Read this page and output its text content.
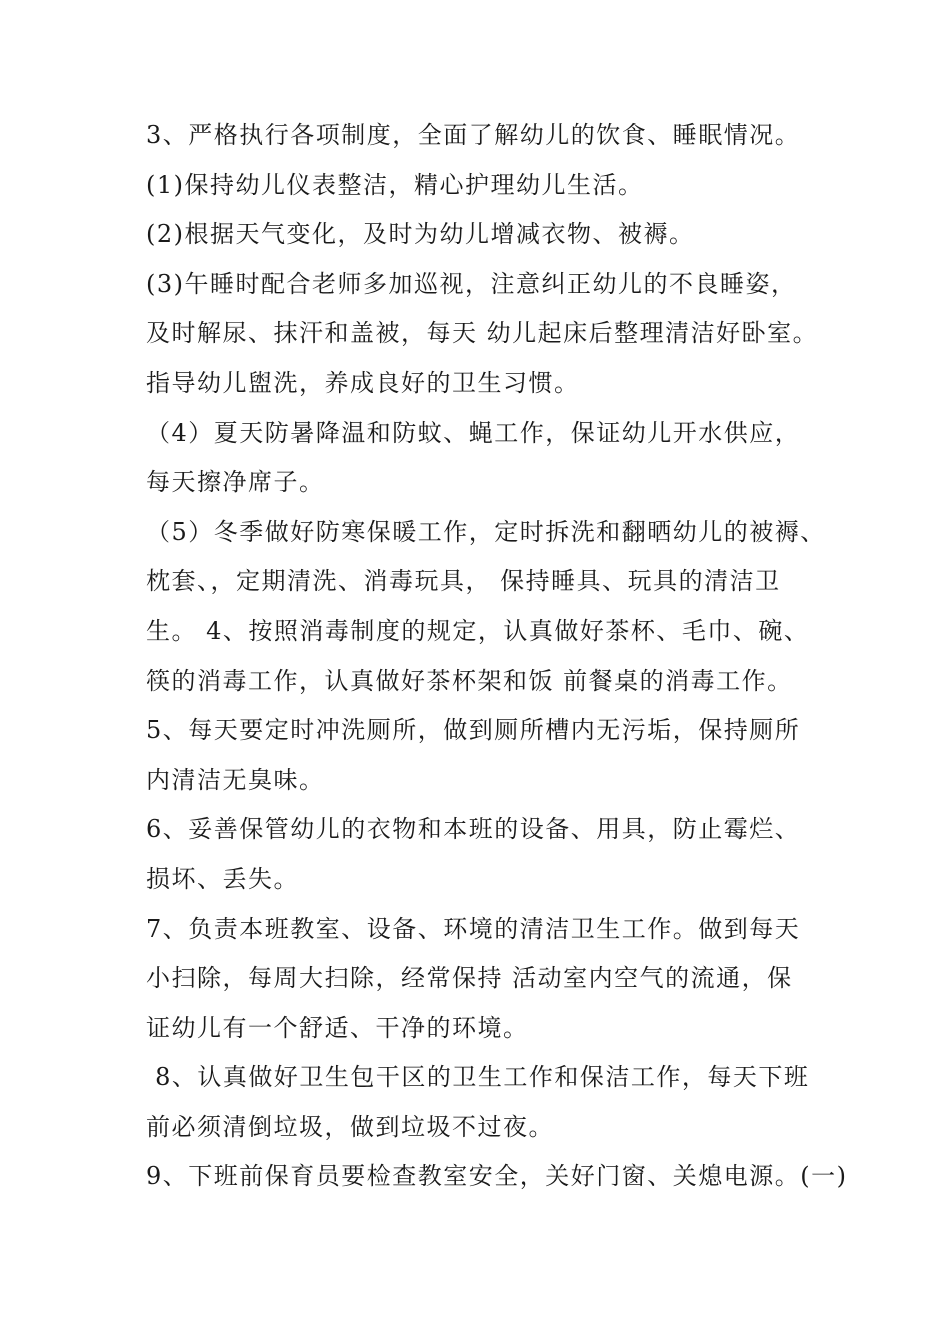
3、严格执行各项制度，全面了解幼儿的饮食、睡眠情况。
(1)保持幼儿仪表整洁，精心护理幼儿生活。
(2)根据天气变化，及时为幼儿增减衣物、被褥。
(3)午睡时配合老师多加巡视，注意纠正幼儿的不良睡姿，
及时解尿、抹汗和盖被，每天 幼儿起床后整理清洁好卧室。
指导幼儿盥洗，养成良好的卫生习惯。
（4）夏天防暑降温和防蚊、蝇工作，保证幼儿开水供应，
每天擦净席子。
（5）冬季做好防寒保暖工作，定时拆洗和翻晒幼儿的被褥、
枕套、，定期清洗、消毒玩具， 保持睡具、玩具的清洁卫
生。 4、按照消毒制度的规定，认真做好茶杯、毛巾、碗、
筷的消毒工作，认真做好茶杯架和饭 前餐桌的消毒工作。
5、每天要定时冲洗厕所，做到厕所槽内无污垢，保持厕所
内清洁无臭味。
6、妥善保管幼儿的衣物和本班的设备、用具，防止霉烂、
损坏、丢失。
7、负责本班教室、设备、环境的清洁卫生工作。做到每天
小扫除，每周大扫除，经常保持 活动室内空气的流通，保
证幼儿有一个舒适、干净的环境。
8、认真做好卫生包干区的卫生工作和保洁工作，每天下班
前必须清倒垃圾，做到垃圾不过夜。
9、下班前保育员要检查教室安全，关好门窗、关熄电源。(一)
